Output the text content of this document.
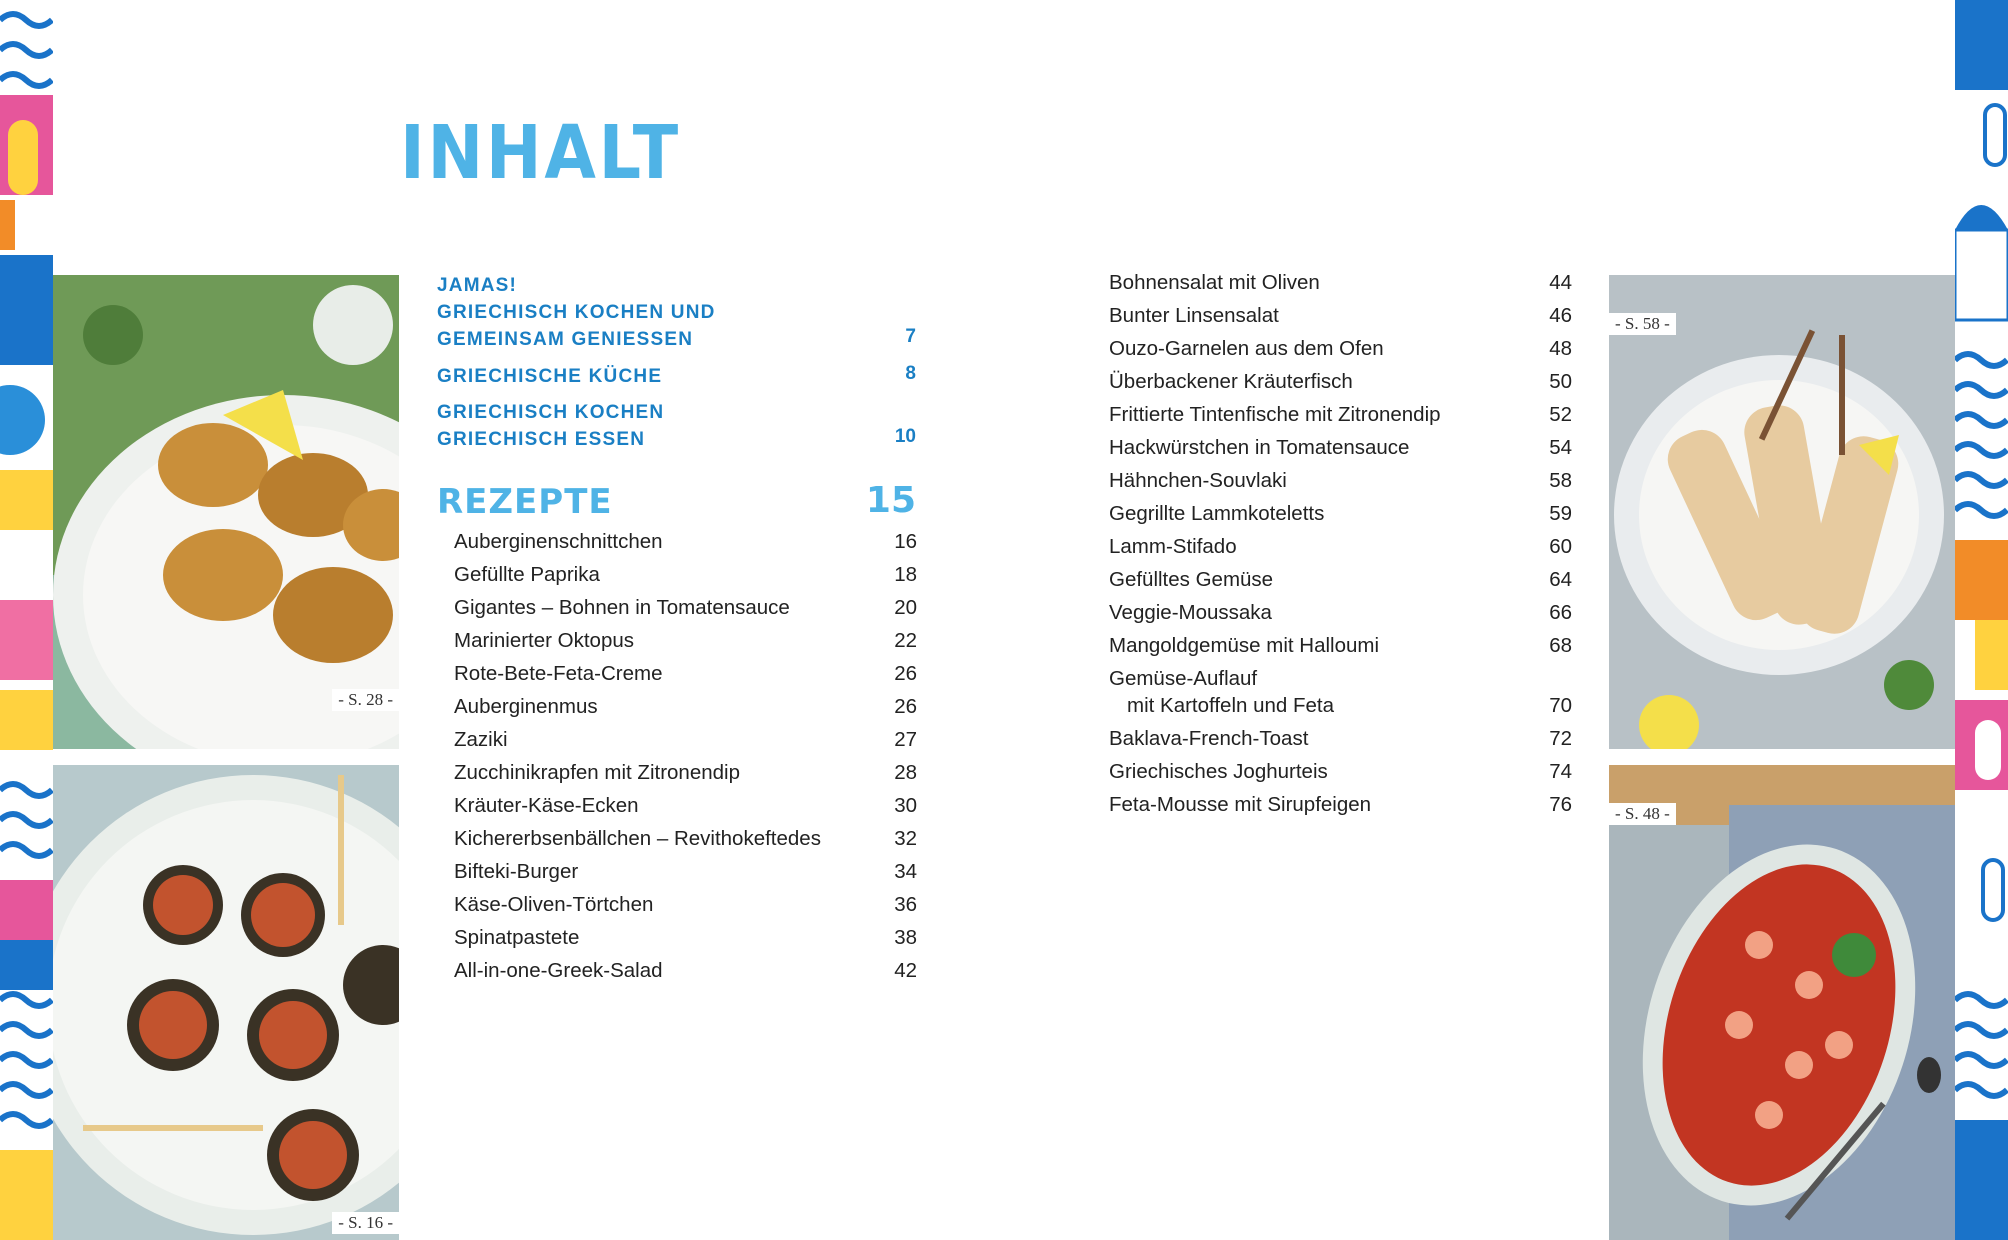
INHALT
- S. 28 -
- S. 16 -
- S. 58 -
- S. 48 -
JAMAS!
GRIECHISCH KOCHEN UND
GEMEINSAM GENIESSEN	7
GRIECHISCHE KÜCHE	8
GRIECHISCH KOCHEN
GRIECHISCH ESSEN	10
REZEPTE	15
Auberginenschnittchen	16
Gefüllte Paprika	18
Gigantes – Bohnen in Tomatensauce	20
Marinierter Oktopus	22
Rote-Bete-Feta-Creme	26
Auberginenmus	26
Zaziki	27
Zucchinikrapfen mit Zitronendip	28
Kräuter-Käse-Ecken	30
Kichererbsenbällchen – Revithokeftedes	32
Bifteki-Burger	34
Käse-Oliven-Törtchen	36
Spinatpastete	38
All-in-one-Greek-Salad	42
Bohnensalat mit Oliven	44
Bunter Linsensalat	46
Ouzo-Garnelen aus dem Ofen	48
Überbackener Kräuterfisch	50
Frittierte Tintenfische mit Zitronendip	52
Hackwürstchen in Tomatensauce	54
Hähnchen-Souvlaki	58
Gegrillte Lammkoteletts	59
Lamm-Stifado	60
Gefülltes Gemüse	64
Veggie-Moussaka	66
Mangoldgemüse mit Halloumi	68
Gemüse-Auflauf
mit Kartoffeln und Feta	70
Baklava-French-Toast	72
Griechisches Joghurteis	74
Feta-Mousse mit Sirupfeigen	76
